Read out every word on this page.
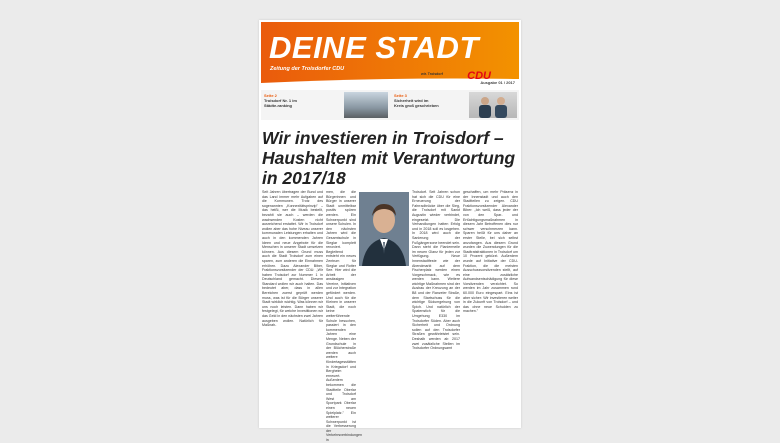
DEINE STADT
Zeitung der Troisdorfer CDU
wir. Troisdorf CDU
Ausgabe 01 / 2017
Seite 2
Troisdorf Nr. 1 im Städte-ranking
Seite 3
Sicherheit wird im Kreis groß geschrieben
Wir investieren in Troisdorf – Haushalten mit Verantwortung in 2017/18
Seit Jahren übertragen der Bund und das Land immer mehr Aufgaben auf die Kommunen. Trotz des sogenannten „Konnexitätsprinzip" – das heißt, wer die Musik bestellt, bezahlt sie auch – werden die wachsenden Kosten nicht ausreichend erstattet. Wir in Troisdorf wollen aber das hohe Niveau unserer kommunalen Leistungen erhalten und auch in den kommenden Jahren Ideen und neue Angebote für die Menschen in unserer Stadt umsetzen können. Aus diesem Grund muss auch die Stadt Troisdorf zum einen sparen, zum anderen die Einnahmen erhöhen. Dazu Alexander Biber, Fraktionsvorsitzender der CDU: „Wir haben Troisdorf zur Nummer 1 in Deutschland gemacht. Diesem Standard wollen wir auch halten. Das bedeutet aber, dass in allen Bereichen zuerst geprüft werden muss, was ist für die Bürger unserer Stadt wirklich wichtig. Was können wir uns noch leisten. Dann haben wir festgelegt, für welche Investitionen wir das Geld in den nächsten zwei Jahren ausgeben wollen. Natürlich für Maßnah-
men, die die Bürgerinnen und Bürger in unserer Stadt unmittelbar positiv spüren werden. Ein Schwerpunkt sind unsere Schulen. In den nächsten Jahren wird die Gesamtschule in Sieglar komplett renoviert. Begleitend entsteht ein neues Zentrum für Sieglar und Rotter See. Hier wird die Arbeit der ansässigen Vereine, Initiativen und zur Integration gefördert werden. Und auch für die Kleinen in unserer Stadt, die noch keine weiterführende Schule besuchen, passiert in den kommenden Jahren eine Menge. Neben der Grundschule in der Blücherstraße werden auch weitere Kindertagesstätten in Kriegsdorf und Bergheim erneuert. Außerdem bekommen die Stadtteile Oberlar und Troisdorf West am Sportpark Oberlar einen neuen Spielplatz." Ein weiterer Schwerpunkt ist die Verbesserung der Verkehrsverbindungen in
Troisdorf. Seit Jahren schon hat sich die CDU für eine Erneuerung der Fahrradbrücke über die Sieg, die Troisdorf mit Sankt Augustin wieder verbindet, eingesetzt. Die Verhandlungen hatten Erfolg und in 2018 soll es losgehen. In 2018 wird auch die Sanierung der Fußgängerzone beendet sein. Dann steht die Flaniermeile im neuen Glanz für jeden zur Verfügung. Neue Innenstadtfeste wie der Abendmarkt auf dem Fischerplatz werden einen Vorgeschmack, wie es werden kann. Weitere wichtige Maßnahmen sind der Ausbau der Kreuzung an der B8 und der Ranzeler Straße, dem Startschuss für die wichtige Südumgehung von Spich. Und natürlich der Spatenstich für die Umgehung E330 im Troisdorfer Süden. Aber auch Sicherheit und Ordnung sollen auf den Troisdorfer Straßen gewährleistet sein. Deshalb werden ab 2017 zwei zusätzliche Stellen im Troisdorfer Ordnungsamt
geschaffen, um mehr Präsenz in der Innenstadt und auch den Stadtteilen zu zeigen. CDU Fraktionsvorsitzender Alexander Biber: „Ich weiß, dass jeder der von den Spar- und Ertüchtigungsmaßnahmen in diesem Jahr Betroffenen dies nur schwer verschmerzen kann. Sparen heißt für uns daher an erster Stelle, bei sich selbst anzufangen. Aus diesem Grund wurden die Zuwendungen für die Stadtratsfraktionen in Troisdorf um 10 Prozent gekürzt. Außerdem wurde auf Initiative der CDU-Fraktion, die die meisten Ausschussvorsitzenden stellt, auf eine zusätzliche Aufwandsentschädigung für diese Vorsitzenden verzichtet. So werden im Jahr zusammen rund 60.000 Euro eingespart. Eins ist aber sicher: Wir investieren weiter in die Zukunft von Troisdorf – und das ohne neue Schulden zu machen."
